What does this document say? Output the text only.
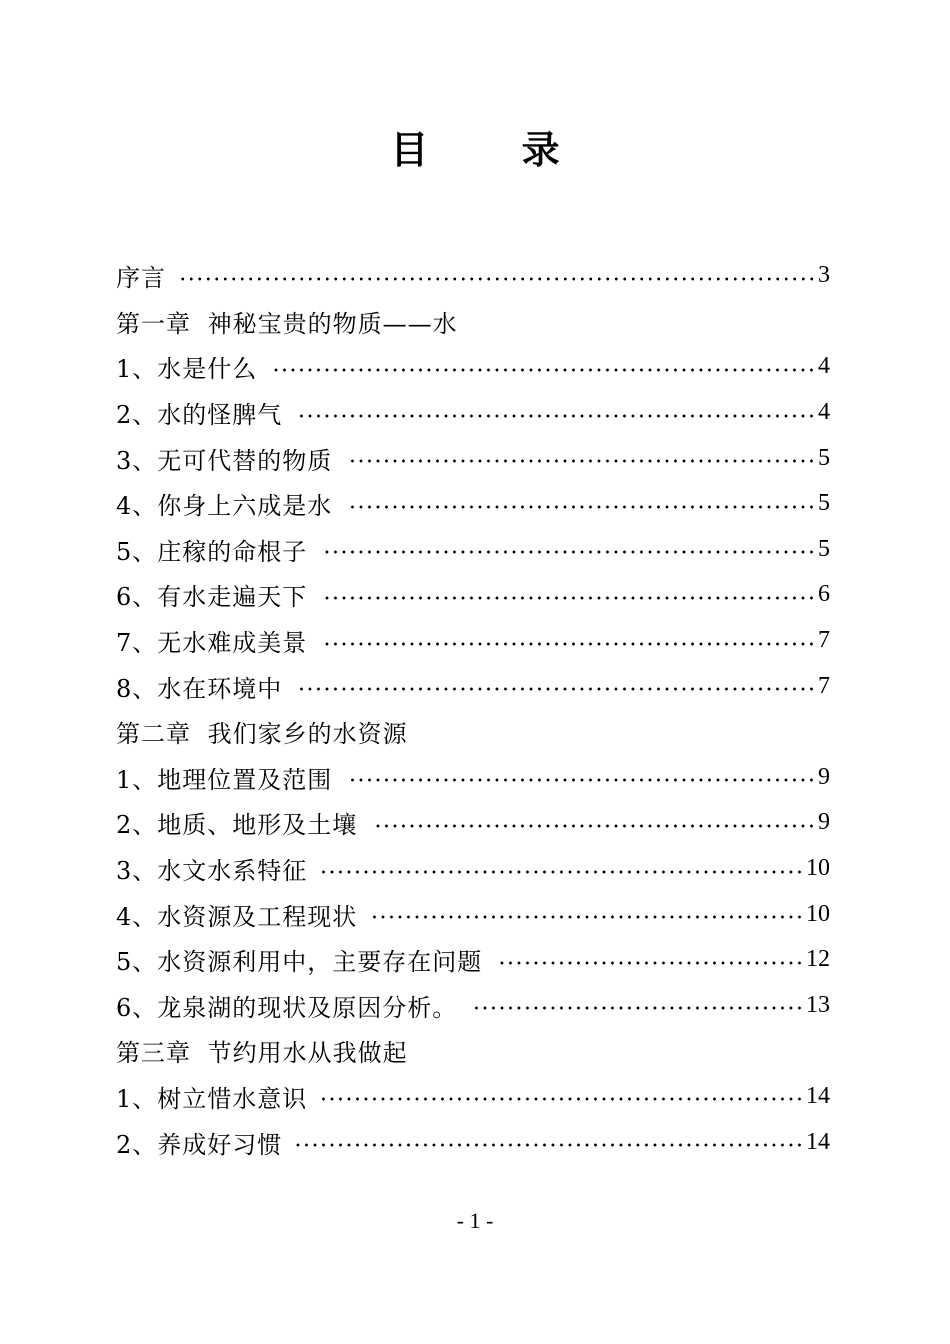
目 录
序言	3
第一章 神秘宝贵的物质——水
1、水是什么	4
2、水的怪脾气	4
3、无可代替的物质	5
4、你身上六成是水	5
5、庄稼的命根子	5
6、有水走遍天下	6
7、无水难成美景	7
8、水在环境中	7
第二章 我们家乡的水资源
1、地理位置及范围	9
2、地质、地形及土壤	9
3、水文水系特征	10
4、水资源及工程现状	10
5、水资源利用中，主要存在问题	12
6、龙泉湖的现状及原因分析。	13
第三章 节约用水从我做起
1、树立惜水意识	14
2、养成好习惯	14
- 1 -
